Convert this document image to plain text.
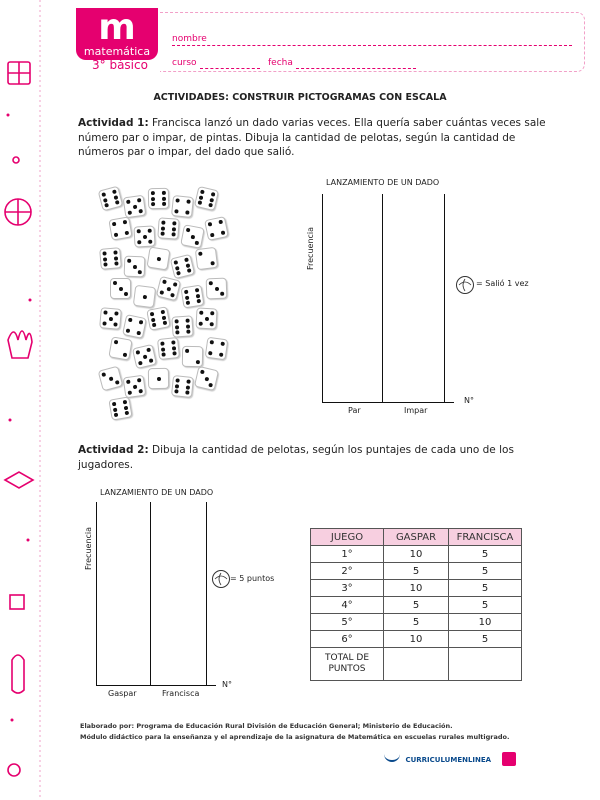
m
matemática
3° básico
nombre
curso	fecha
ACTIVIDADES: CONSTRUIR PICTOGRAMAS CON ESCALA
Actividad 1: Francisca lanzó un dado varias veces. Ella quería saber cuántas veces sale número par o impar, de pintas. Dibuja la cantidad de pelotas, según la cantidad de números par o impar, del dado que salió.
LANZAMIENTO DE UN DADO
Frecuencia
Par	Impar
N°
= Salió 1 vez
Actividad 2: Dibuja la cantidad de pelotas, según los puntajes de cada uno de los jugadores.
LANZAMIENTO DE UN DADO
Frecuencia
Gaspar	Francisca
N°
= 5 puntos
JUEGO	GASPAR	FRANCISCA
1°	10	5
2°	5	5
3°	10	5
4°	5	5
5°	5	10
6°	10	5
TOTAL DE PUNTOS		
Elaborado por: Programa de Educación Rural División de Educación General; Ministerio de Educación.
Módulo didáctico para la enseñanza y el aprendizaje de la asignatura de Matemática en escuelas rurales multigrado.
CURRICULUMENLINEA
